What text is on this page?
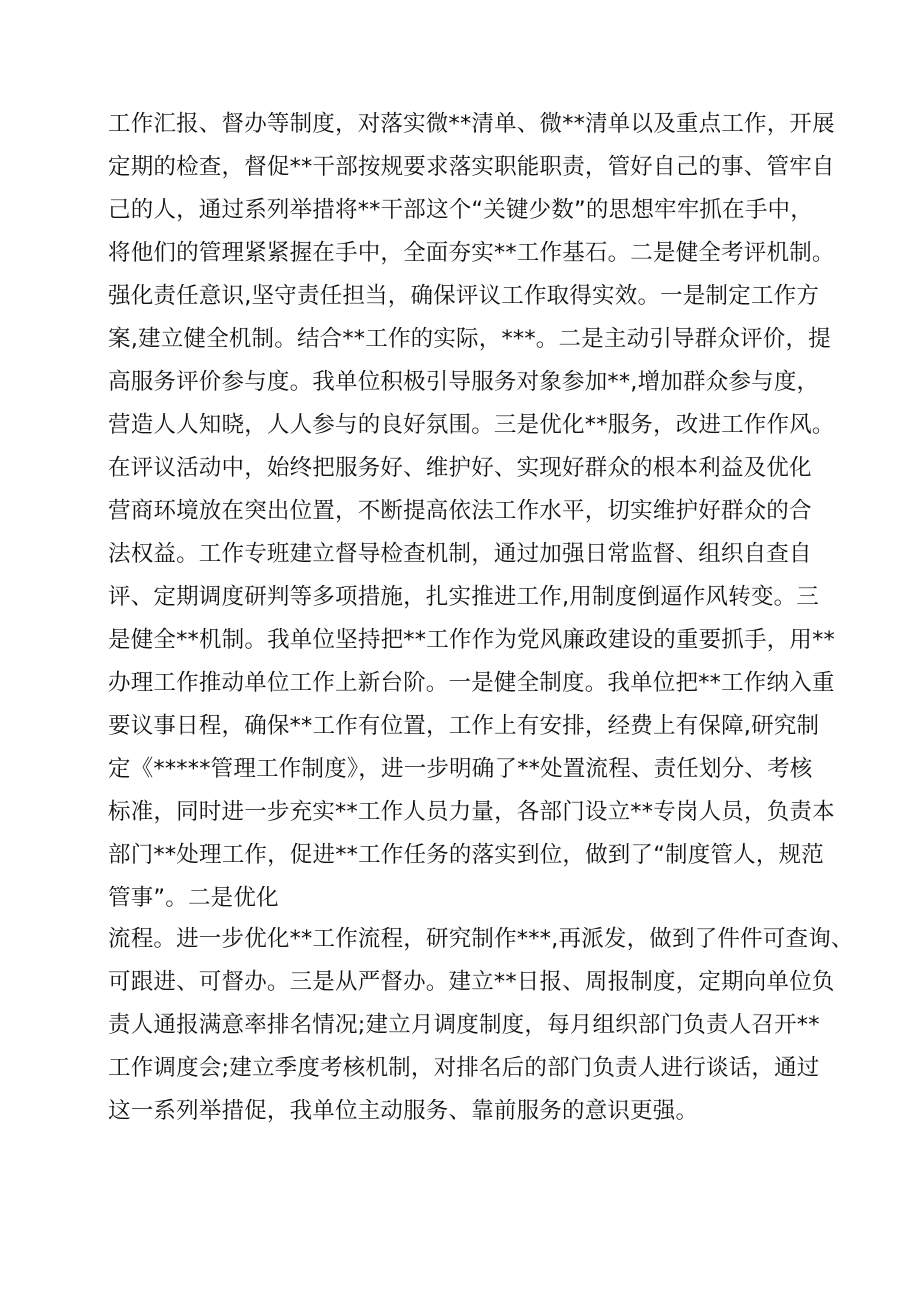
工作汇报、督办等制度，对落实微**清单、微**清单以及重点工作，开展
定期的检查，督促**干部按规要求落实职能职责，管好自己的事、管牢自
己的人，通过系列举措将**干部这个“关键少数”的思想牢牢抓在手中，
将他们的管理紧紧握在手中，全面夯实**工作基石。二是健全考评机制。
强化责任意识,坚守责任担当，确保评议工作取得实效。一是制定工作方
案,建立健全机制。结合**工作的实际，***。二是主动引导群众评价，提
高服务评价参与度。我单位积极引导服务对象参加**,增加群众参与度，
营造人人知晓，人人参与的良好氛围。三是优化**服务，改进工作作风。
在评议活动中，始终把服务好、维护好、实现好群众的根本利益及优化
营商环境放在突出位置，不断提高依法工作水平，切实维护好群众的合
法权益。工作专班建立督导检查机制，通过加强日常监督、组织自查自
评、定期调度研判等多项措施，扎实推进工作,用制度倒逼作风转变。三
是健全**机制。我单位坚持把**工作作为党风廉政建设的重要抓手，用**
办理工作推动单位工作上新台阶。一是健全制度。我单位把**工作纳入重
要议事日程，确保**工作有位置，工作上有安排，经费上有保障,研究制
定《*****管理工作制度》，进一步明确了**处置流程、责任划分、考核
标准，同时进一步充实**工作人员力量，各部门设立**专岗人员，负责本
部门**处理工作，促进**工作任务的落实到位，做到了“制度管人，规范
管事”。二是优化
流程。进一步优化**工作流程，研究制作***,再派发，做到了件件可查询、
可跟进、可督办。三是从严督办。建立**日报、周报制度，定期向单位负
责人通报满意率排名情况;建立月调度制度，每月组织部门负责人召开**
工作调度会;建立季度考核机制，对排名后的部门负责人进行谈话，通过
这一系列举措促，我单位主动服务、靠前服务的意识更强。
